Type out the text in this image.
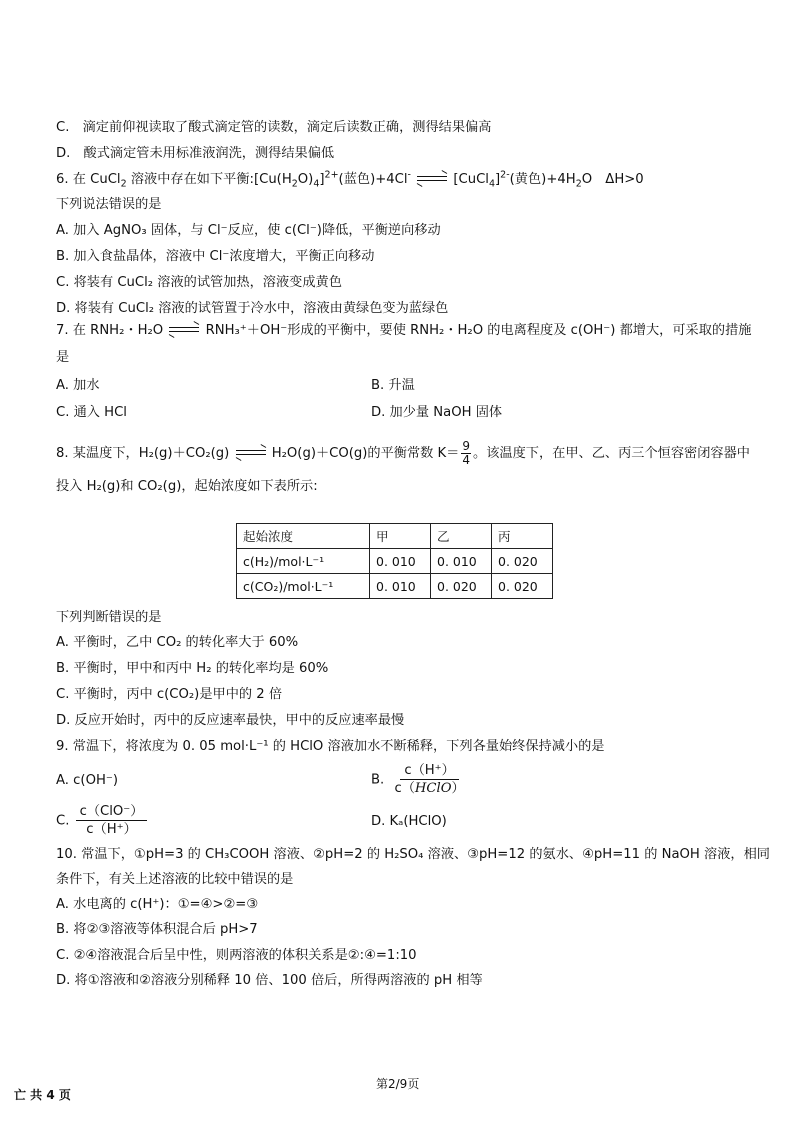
C.　滴定前仰视读取了酸式滴定管的读数，滴定后读数正确，测得结果偏高
D.　酸式滴定管未用标准液润洗，测得结果偏低
6. 在 CuCl$_2$ 溶液中存在如下平衡$:[Cu(H_2O)_4]^{2+}$(蓝色)+4Cl-	[CuCl$_4$]$^{2-}$(黄色)$+4H_2O$　ΔH>0
下列说法错误的是
A. 加入 AgNO₃ 固体，与 Cl⁻反应，使 c(Cl⁻)降低，平衡逆向移动
B. 加入食盐晶体，溶液中 Cl⁻浓度增大，平衡正向移动
C. 将装有 CuCl₂ 溶液的试管加热，溶液变成黄色
D. 将装有 CuCl₂ 溶液的试管置于冷水中，溶液由黄绿色变为蓝绿色
7. 在 RNH₂・H₂O	RNH₃⁺＋OH⁻形成的平衡中，要使 RNH₂・H₂O 的电离程度及 c(OH⁻) 都增大，可采取的措施
是
A. 加水	B. 升温
C. 通入 HCl	D. 加少量 NaOH 固体
8. 某温度下，H₂(g)＋CO₂(g)	H₂O(g)＋CO(g)的平衡常数 $K= \frac{9}{4}$ 。该温度下，在甲、乙、丙三个恒容密闭容器中
投入 H₂(g)和 CO₂(g)，起始浓度如下表所示:
起始浓度	甲	乙	丙
c(H₂)/mol·L⁻¹	0. 010	0. 010	0. 020
c(CO₂)/mol·L⁻¹	0. 010	0. 020	0. 020
下列判断错误的是
A. 平衡时，乙中 CO₂ 的转化率大于 60%
B. 平衡时，甲中和丙中 H₂ 的转化率均是 60%
C. 平衡时，丙中 c(CO₂)是甲中的 2 倍
D. 反应开始时，丙中的反应速率最快，甲中的反应速率最慢
9. 常温下，将浓度为 0. 05 mol·L⁻¹ 的 HClO 溶液加水不断稀释，下列各量始终保持减小的是
A. c(OH⁻)	B. $\frac{c(H^+)}{\text{c（HClO）}}$
C. $\frac{\text{c（ClO⁻）}}{c(H^+)}$	D. Kₐ(HClO)
10. 常温下，①pH=3 的 CH₃COOH 溶液、②pH=2 的 H₂SO₄ 溶液、③pH=12 的氨水、④pH=11 的 NaOH 溶液，相同
条件下，有关上述溶液的比较中错误的是
A. 水电离的 c(H⁺)：①=④>②=③
B. 将②③溶液等体积混合后 pH>7
C. ②④溶液混合后呈中性，则两溶液的体积关系是②:④=1:10
D. 将①溶液和②溶液分别稀释 10 倍、100 倍后，所得两溶液的 pH 相等
第2/9页
亡 共 4 页
